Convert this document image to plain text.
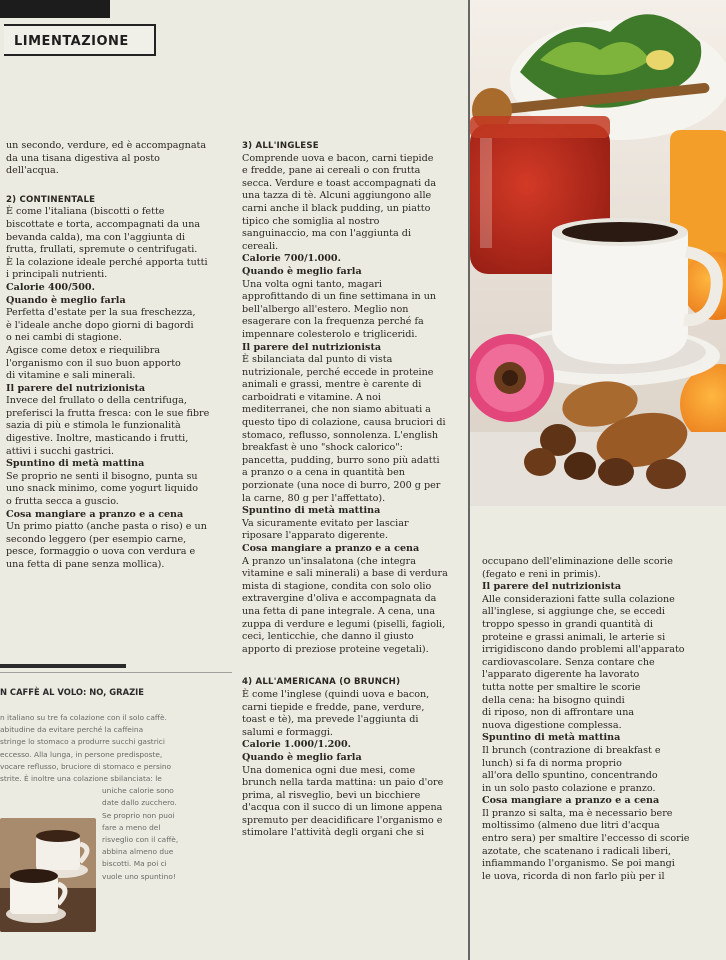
LIMENTAZIONE

un secondo, verdure, ed è accompagnata

da una tisana digestiva al posto

dell'acqua.

2) CONTINENTALE

È come l'italiana (biscotti o fette

biscottate e torta, accompagnati da una

bevanda calda), ma con l'aggiunta di

frutta, frullati, spremute o centrifugati.

È la colazione ideale perché apporta tutti

i principali nutrienti.

Calorie 400/500.

Quando è meglio farla

Perfetta d'estate per la sua freschezza,

è l'ideale anche dopo giorni di bagordi

o nei cambi di stagione.

Agisce come detox e riequilibra

l'organismo con il suo buon apporto

di vitamine e sali minerali.

Il parere del nutrizionista

Invece del frullato o della centrifuga,

preferisci la frutta fresca: con le sue fibre

sazia di più e stimola le funzionalità

digestive. Inoltre, masticando i frutti,

attivi i succhi gastrici.

Spuntino di metà mattina

Se proprio ne senti il bisogno, punta su

uno snack minimo, come yogurt liquido

o frutta secca a guscio.

Cosa mangiare a pranzo e a cena

Un primo piatto (anche pasta o riso) e un

secondo leggero (per esempio carne,

pesce, formaggio o uova con verdura e

una fetta di pane senza mollica).

3) ALL'INGLESE

Comprende uova e bacon, carni tiepide

e fredde, pane ai cereali o con frutta

secca. Verdure e toast accompagnati da

una tazza di tè. Alcuni aggiungono alle

carni anche il black pudding, un piatto

tipico che somiglia al nostro

sanguinaccio, ma con l'aggiunta di

cereali.

Calorie 700/1.000.

Quando è meglio farla

Una volta ogni tanto, magari

approfittando di un fine settimana in un

bell'albergo all'estero. Meglio non

esagerare con la frequenza perché fa

impennare colesterolo e trigliceridi.

Il parere del nutrizionista

È sbilanciata dal punto di vista

nutrizionale, perché eccede in proteine

animali e grassi, mentre è carente di

carboidrati e vitamine. A noi

mediterranei, che non siamo abituati a

questo tipo di colazione, causa bruciori di

stomaco, reflusso, sonnolenza. L'english

breakfast è uno "shock calorico":

pancetta, pudding, burro sono più adatti

a pranzo o a cena in quantità ben

porzionate (una noce di burro, 200 g per

la carne, 80 g per l'affettato).

Spuntino di metà mattina

Va sicuramente evitato per lasciar

riposare l'apparato digerente.

Cosa mangiare a pranzo e a cena

A pranzo un'insalatona (che integra

vitamine e sali minerali) a base di verdura

mista di stagione, condita con solo olio

extravergine d'oliva e accompagnata da

una fetta di pane integrale. A cena, una

zuppa di verdure e legumi (piselli, fagioli,

ceci, lenticchie, che danno il giusto

apporto di preziose proteine vegetali).

4) ALL'AMERICANA (O BRUNCH)

È come l'inglese (quindi uova e bacon,

carni tiepide e fredde, pane, verdure,

toast e tè), ma prevede l'aggiunta di

salumi e formaggi.

Calorie 1.000/1.200.

Quando è meglio farla

Una domenica ogni due mesi, come

brunch nella tarda mattina: un paio d'ore

prima, al risveglio, bevi un bicchiere

d'acqua con il succo di un limone appena

spremuto per deacidificare l'organismo e

stimolare l'attività degli organi che si

occupano dell'eliminazione delle scorie

(fegato e reni in primis).

Il parere del nutrizionista

Alle considerazioni fatte sulla colazione

all'inglese, si aggiunge che, se eccedi

troppo spesso in grandi quantità di

proteine e grassi animali, le arterie si

irrigidiscono dando problemi all'apparato

cardiovascolare. Senza contare che

l'apparato digerente ha lavorato

tutta notte per smaltire le scorie

della cena: ha bisogno quindi

di riposo, non di affrontare una

nuova digestione complessa.

Spuntino di metà mattina

Il brunch (contrazione di breakfast e

lunch) si fa di norma proprio

all'ora dello spuntino, concentrando

in un solo pasto colazione e pranzo.

Cosa mangiare a pranzo e a cena

Il pranzo si salta, ma è necessario bere

moltissimo (almeno due litri d'acqua

entro sera) per smaltire l'eccesso di scorie

azotate, che scatenano i radicali liberi,

infiammando l'organismo. Se poi mangi

le uova, ricorda di non farlo più per il

N CAFFÈ AL VOLO: NO, GRAZIE

n italiano su tre fa colazione con il solo caffè.

abitudine da evitare perché la caffeina

stringe lo stomaco a produrre succhi gastrici

eccesso. Alla lunga, in persone predisposte,

vocare reflusso, bruciore di stomaco e persino

strite. È inoltre una colazione sbilanciata: le

uniche calorie sono

date dallo zucchero.

Se proprio non puoi

fare a meno del

risveglio con il caffè,

abbina almeno due

biscotti. Ma poi ci

vuole uno spuntino!
